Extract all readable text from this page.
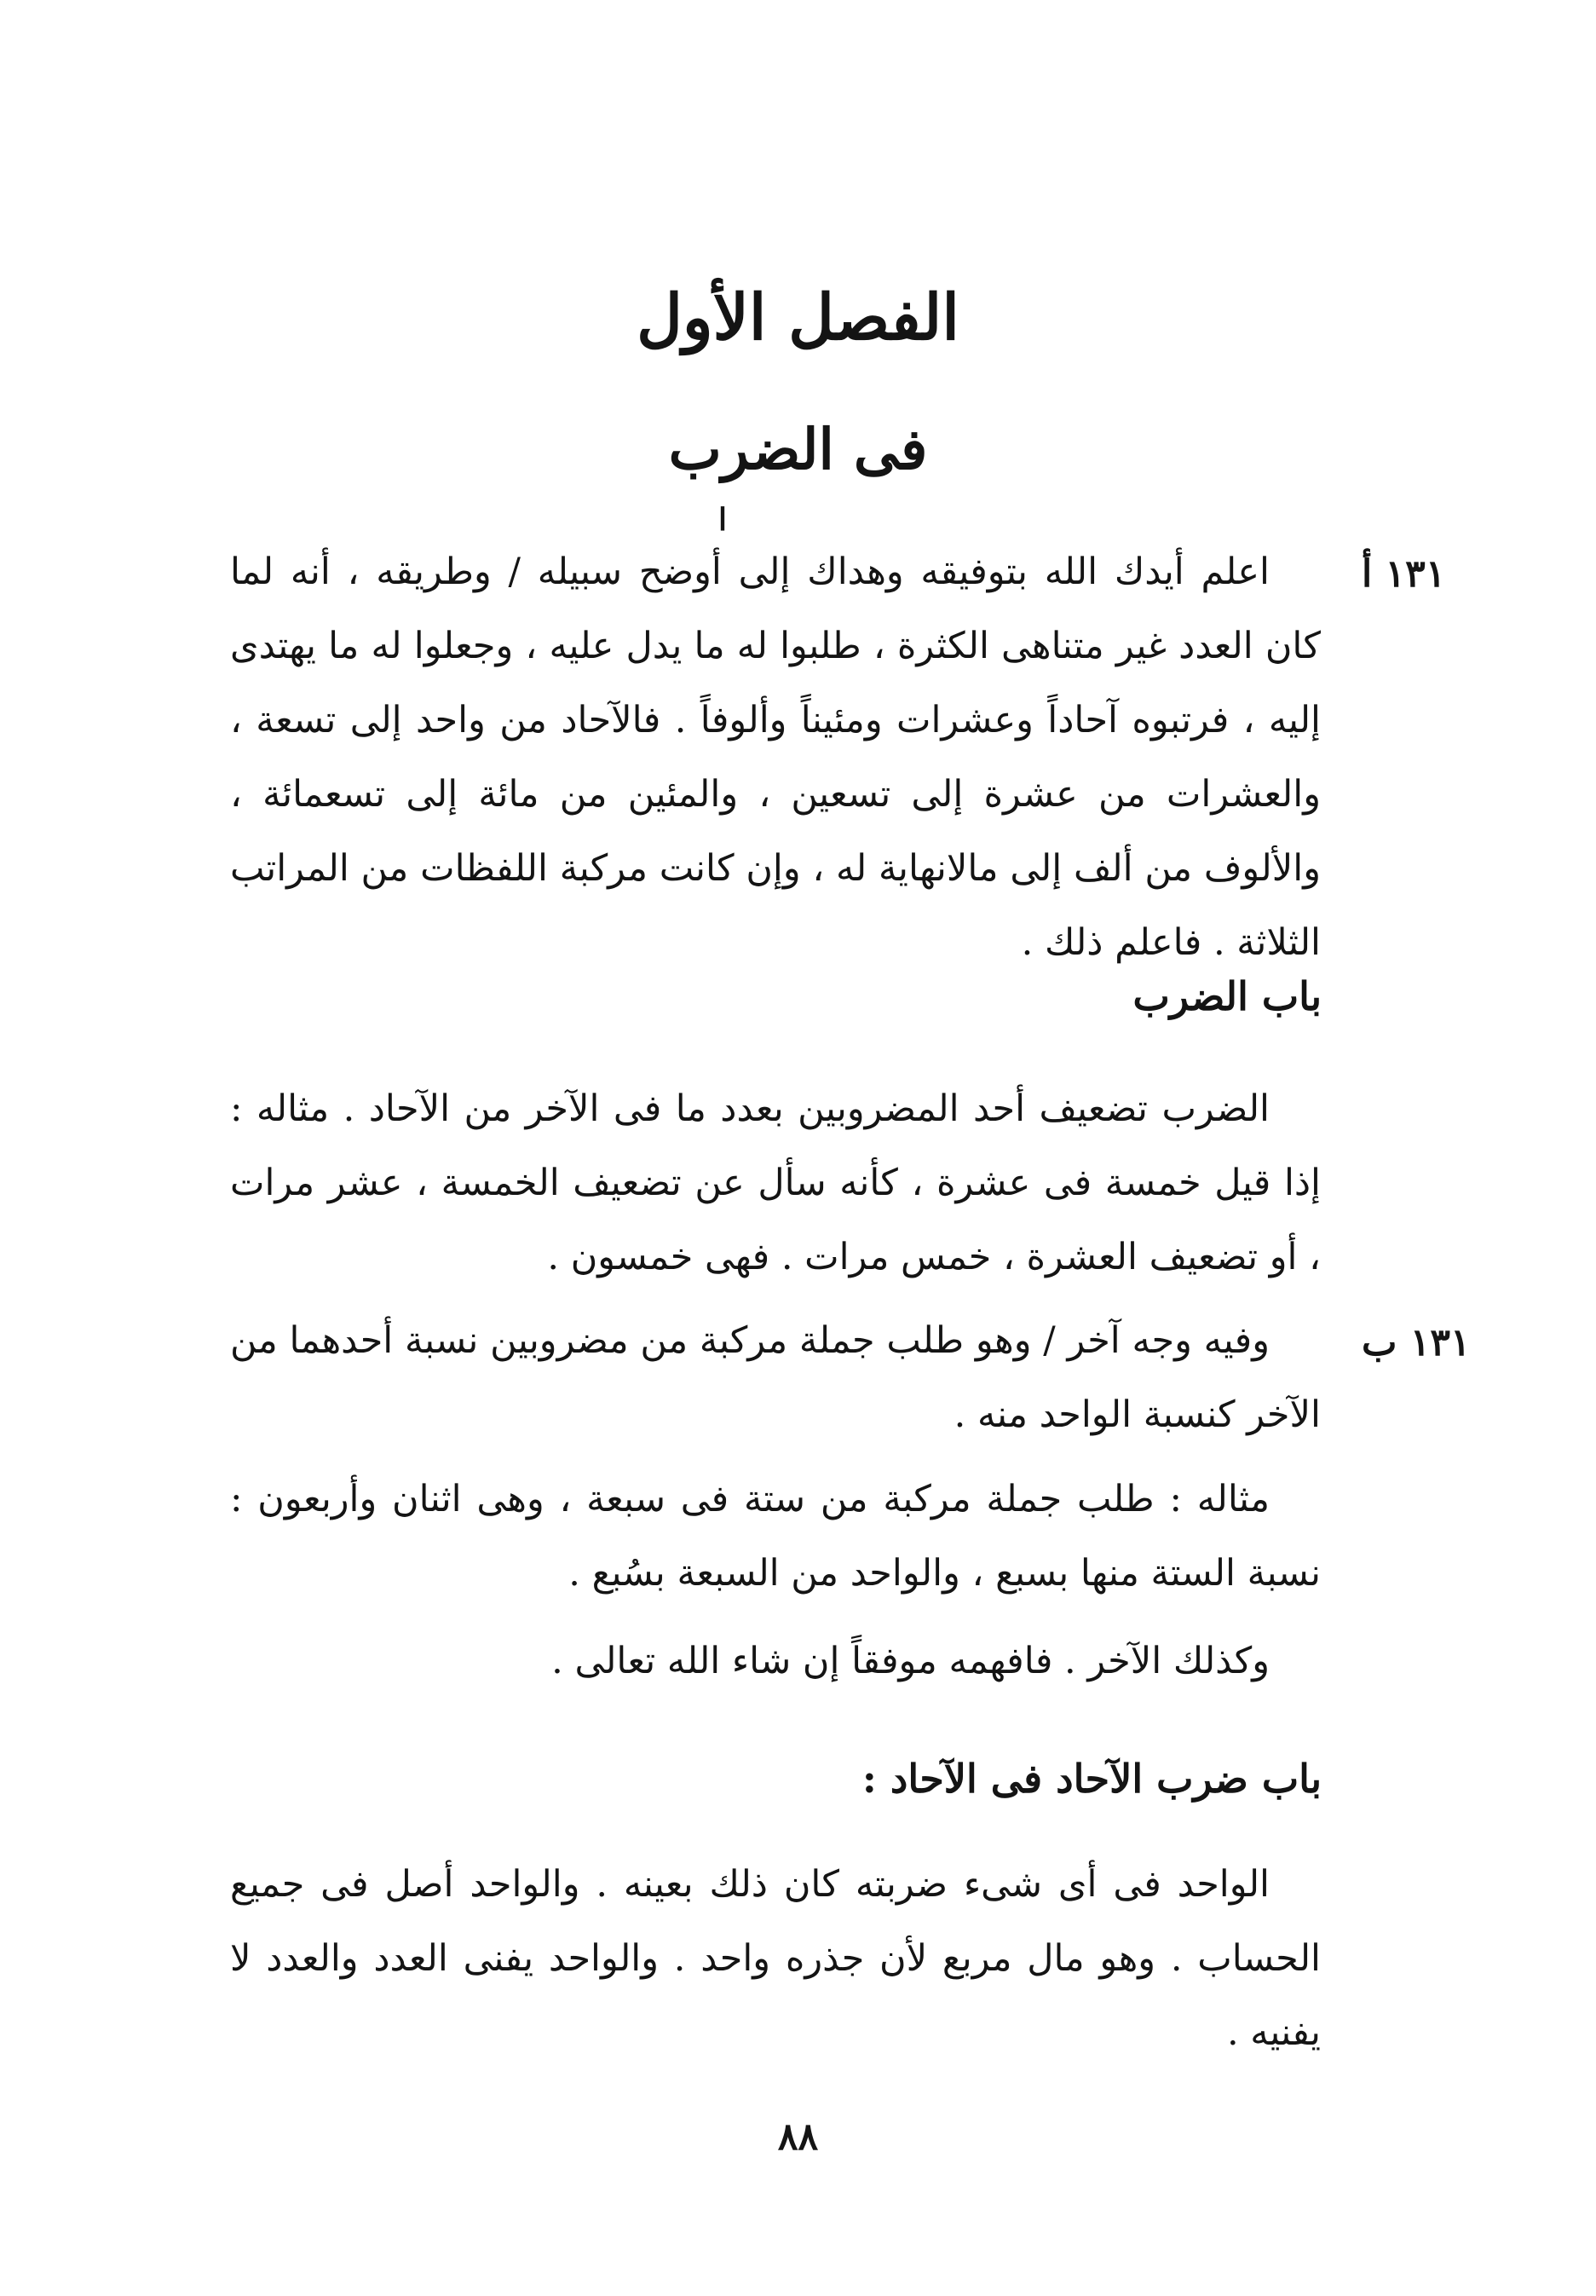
الفصل الأول
فى الضرب
ا
١٣١ أ

اعلم أيدك الله بتوفيقه وهداك إلى أوضح سبيله / وطريقه ، أنه لما كان العدد غير متناهى الكثرة ، طلبوا له ما يدل عليه ، وجعلوا له ما يهتدى إليه ، فرتبوه آحاداً وعشرات ومئيناً وألوفاً . فالآحاد من واحد إلى تسعة ، والعشرات من عشرة إلى تسعين ، والمئين من مائة إلى تسعمائة ، والألوف من ألف إلى مالانهاية له ، وإن كانت مركبة اللفظات من المراتب الثلاثة . فاعلم ذلك .

باب الضرب

الضرب تضعيف أحد المضروبين بعدد ما فى الآخر من الآحاد . مثاله : إذا قيل خمسة فى عشرة ، كأنه سأل عن تضعيف الخمسة ، عشر مرات ، أو تضعيف العشرة ، خمس مرات . فهى خمسون .

١٣١ ب

وفيه وجه آخر / وهو طلب جملة مركبة من مضروبين نسبة أحدهما من الآخر كنسبة الواحد منه .

مثاله : طلب جملة مركبة من ستة فى سبعة ، وهى اثنان وأربعون : نسبة الستة منها بسبع ، والواحد من السبعة بسُبع .

وكذلك الآخر . فافهمه موفقاً إن شاء الله تعالى .

باب ضرب الآحاد فى الآحاد :

الواحد فى أى شىء ضربته كان ذلك بعينه . والواحد أصل فى جميع الحساب . وهو مال مربع لأن جذره واحد . والواحد يفنى العدد والعدد لا يفنيه .

٨٨
